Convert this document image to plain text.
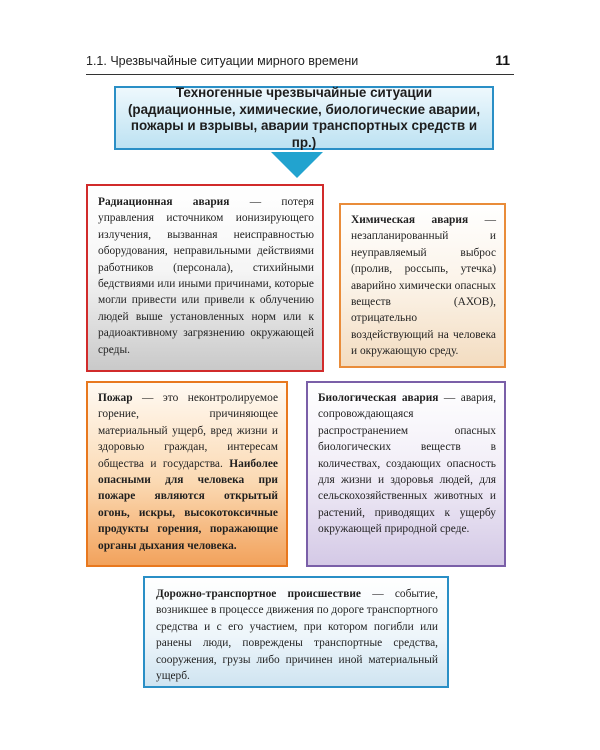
1.1. Чрезвычайные ситуации мирного времени	11
Техногенные чрезвычайные ситуации (радиационные, химические, биологические аварии, пожары и взрывы, аварии транспортных средств и пр.)

Радиационная авария — потеря управления источником ионизирующего излучения, вызванная неисправностью оборудования, неправильными действиями работников (персонала), стихийными бедствиями или иными причинами, которые могли привести или привели к облучению людей выше установленных норм или к радиоактивному загрязнению окружающей среды.

Химическая авария — незапланированный и неуправляемый выброс (пролив, россыпь, утечка) аварийно химически опасных веществ (АХОВ), отрицательно воздействующий на человека и окружающую среду.

Пожар — это неконтролируемое горение, причиняющее материальный ущерб, вред жизни и здоровью граждан, интересам общества и государства. Наиболее опасными для человека при пожаре являются открытый огонь, искры, высокотоксичные продукты горения, поражающие органы дыхания человека.

Биологическая авария — авария, сопровождающаяся распространением опасных биологических веществ в количествах, создающих опасность для жизни и здоровья людей, для сельскохозяйственных животных и растений, приводящих к ущербу окружающей природной среде.

Дорожно-транспортное происшествие — событие, возникшее в процессе движения по дороге транспортного средства и с его участием, при котором погибли или ранены люди, повреждены транспортные средства, сооружения, грузы либо причинен иной материальный ущерб.
